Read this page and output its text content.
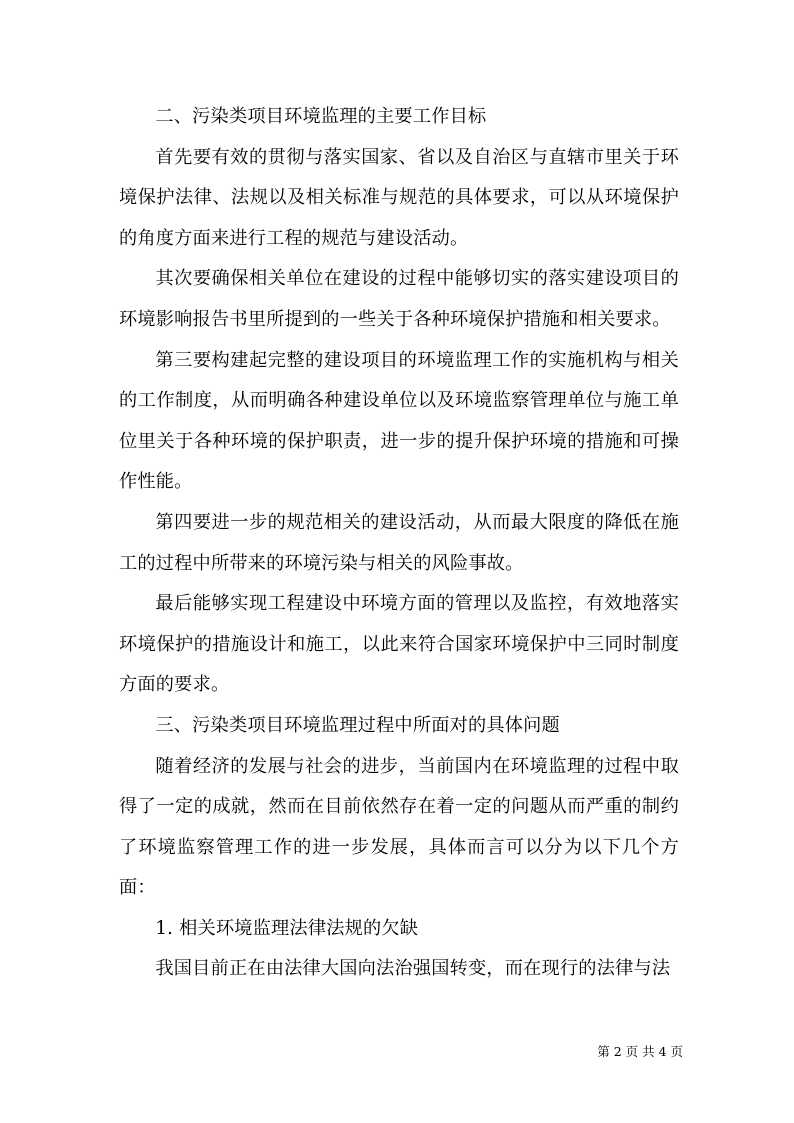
二、污染类项目环境监理的主要工作目标

首先要有效的贯彻与落实国家、省以及自治区与直辖市里关于环境保护法律、法规以及相关标准与规范的具体要求，可以从环境保护的角度方面来进行工程的规范与建设活动。

其次要确保相关单位在建设的过程中能够切实的落实建设项目的环境影响报告书里所提到的一些关于各种环境保护措施和相关要求。

第三要构建起完整的建设项目的环境监理工作的实施机构与相关的工作制度，从而明确各种建设单位以及环境监察管理单位与施工单位里关于各种环境的保护职责，进一步的提升保护环境的措施和可操作性能。

第四要进一步的规范相关的建设活动，从而最大限度的降低在施工的过程中所带来的环境污染与相关的风险事故。

最后能够实现工程建设中环境方面的管理以及监控，有效地落实环境保护的措施设计和施工，以此来符合国家环境保护中三同时制度方面的要求。

三、污染类项目环境监理过程中所面对的具体问题

随着经济的发展与社会的进步，当前国内在环境监理的过程中取得了一定的成就，然而在目前依然存在着一定的问题从而严重的制约了环境监察管理工作的进一步发展，具体而言可以分为以下几个方面：

1. 相关环境监理法律法规的欠缺

我国目前正在由法律大国向法治强国转变，而在现行的法律与法

第 2 页 共 4 页
